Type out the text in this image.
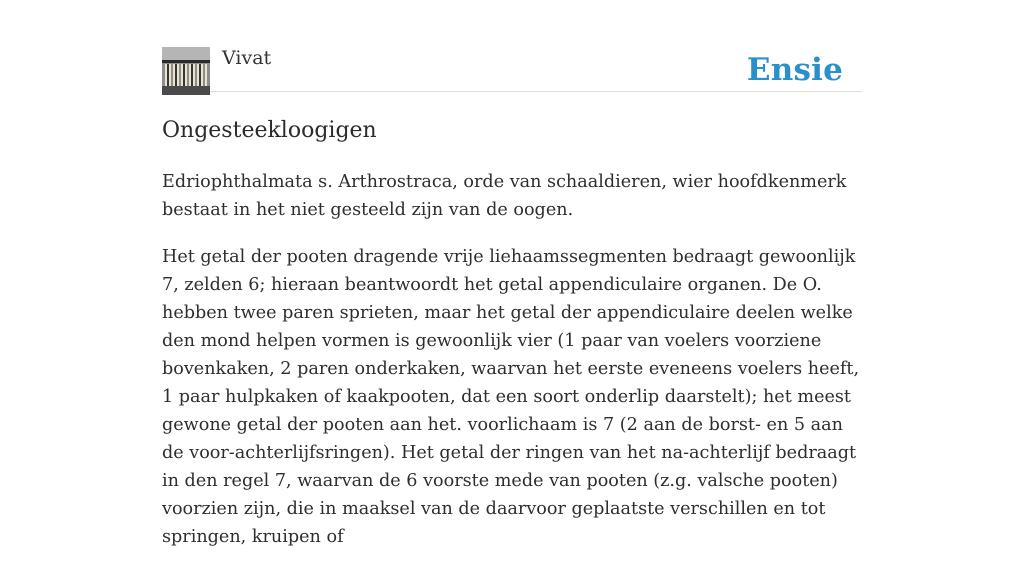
Vivat	Ensie
Ongesteekloogigen

Edriophthalmata s. Arthrostraca, orde van schaaldieren, wier hoofdkenmerk bestaat in het niet gesteeld zijn van de oogen.

Het getal der pooten dragende vrije liehaamssegmenten bedraagt gewoonlijk 7, zelden 6; hieraan beantwoordt het getal appendiculaire organen. De O. hebben twee paren sprieten, maar het getal der appendiculaire deelen welke den mond helpen vormen is gewoonlijk vier (1 paar van voelers voorziene bovenkaken, 2 paren onderkaken, waarvan het eerste eveneens voelers heeft, 1 paar hulpkaken of kaakpooten, dat een soort onderlip daarstelt); het meest gewone getal der pooten aan het. voorlichaam is 7 (2 aan de borst- en 5 aan de voor-achterlijfsringen). Het getal der ringen van het na-achterlijf bedraagt in den regel 7, waarvan de 6 voorste mede van pooten (z.g. valsche pooten) voorzien zijn, die in maaksel van de daarvoor geplaatste verschillen en tot springen, kruipen of
